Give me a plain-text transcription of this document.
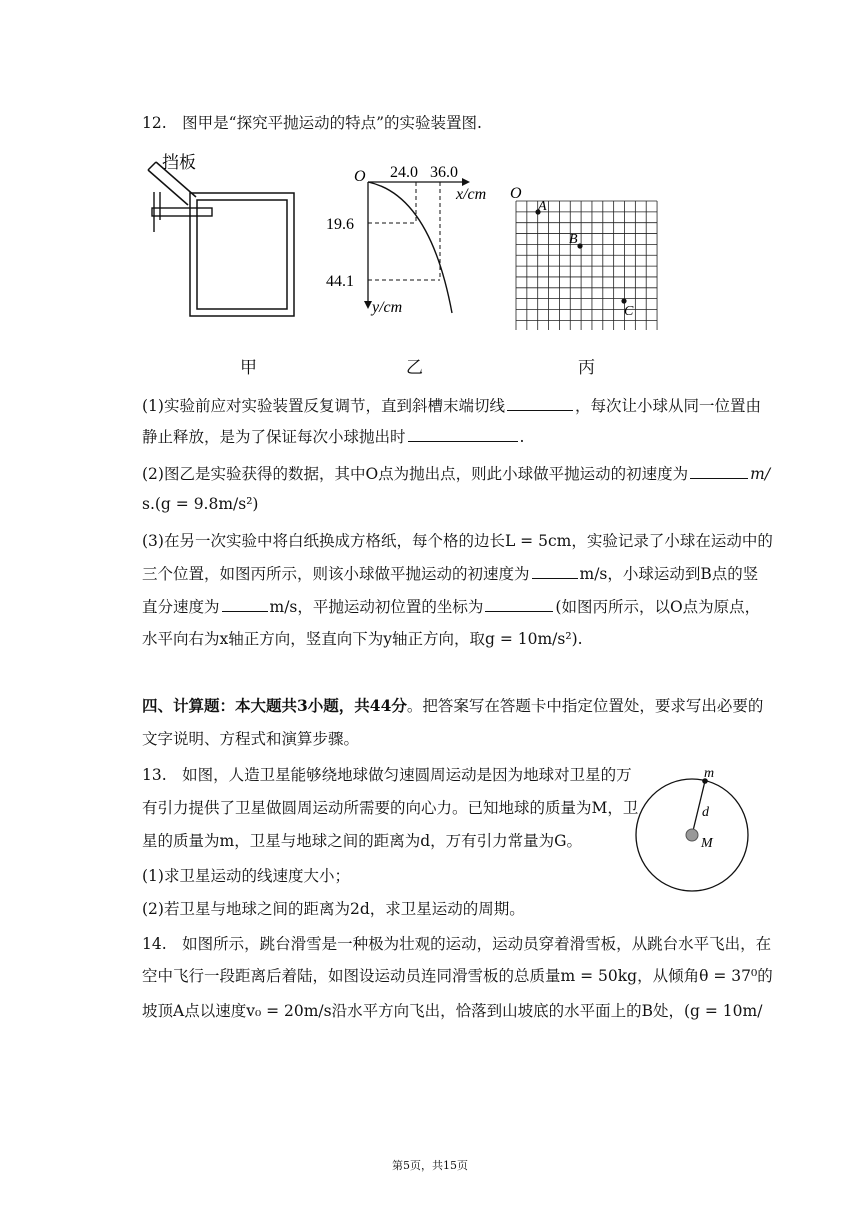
12. 图甲是“探究平抛运动的特点”的实验装置图.
挡板
O 24.0 36.0
x/cm
y/cm
19.6
44.1
O
A
B
C
甲	乙	丙
(1)实验前应对实验装置反复调节，直到斜槽末端切线	，每次让小球从同一位置由
静止释放，是为了保证每次小球抛出时	.
(2)图乙是实验获得的数据，其中O点为抛出点，则此小球做平抛运动的初速度为	m/
s.(g = 9.8m/s²)
(3)在另一次实验中将白纸换成方格纸，每个格的边长L = 5cm，实验记录了小球在运动中的
三个位置，如图丙所示，则该小球做平抛运动的初速度为	m/s，小球运动到B点的竖
直分速度为	m/s，平抛运动初位置的坐标为	(如图丙所示，以O点为原点，
水平向右为x轴正方向，竖直向下为y轴正方向，取g = 10m/s²).
四、计算题：本大题共3小题，共44分。把答案写在答题卡中指定位置处，要求写出必要的
文字说明、方程式和演算步骤。
13. 如图，人造卫星能够绕地球做匀速圆周运动是因为地球对卫星的万
有引力提供了卫星做圆周运动所需要的向心力。已知地球的质量为M，卫
星的质量为m，卫星与地球之间的距离为d，万有引力常量为G。
(1)求卫星运动的线速度大小；
(2)若卫星与地球之间的距离为2d，求卫星运动的周期。
m
d
M
14. 如图所示，跳台滑雪是一种极为壮观的运动，运动员穿着滑雪板，从跳台水平飞出，在
空中飞行一段距离后着陆，如图设运动员连同滑雪板的总质量m = 50kg，从倾角θ = 37⁰的
坡顶A点以速度v₀ = 20m/s沿水平方向飞出，恰落到山坡底的水平面上的B处，(g = 10m/
第5页，共15页
